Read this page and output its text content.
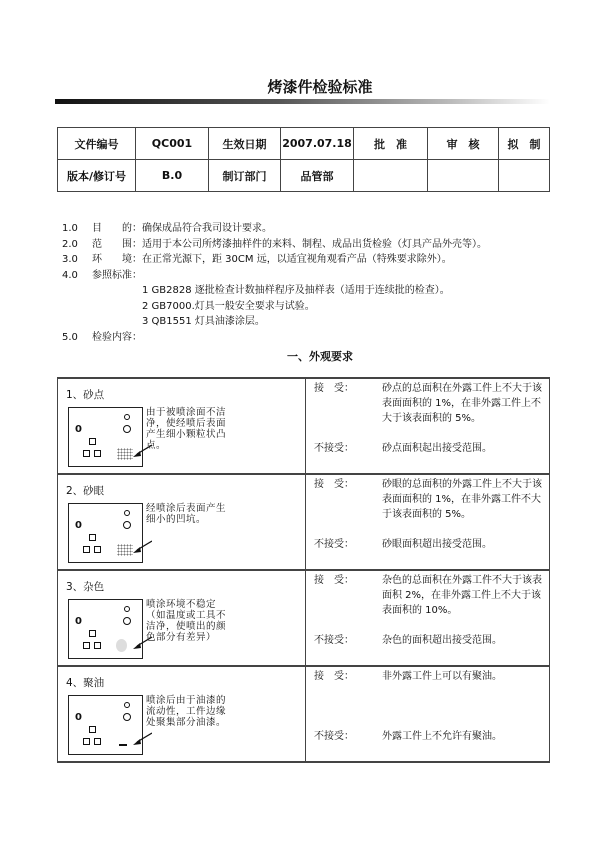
烤漆件检验标准
文件编号	QC001	生效日期	2007.07.18	批　准	审　核	拟　制
版本/修订号	B.0	制订部门	品管部			
1.0	目　　的： 确保成品符合我司设计要求。
2.0	范　　围： 适用于本公司所烤漆抽样件的来料、制程、成品出货检验（灯具产品外壳等）。
3.0	环　　境： 在正常光源下，距 30CM 远，以适宜视角观看产品（特殊要求除外）。
4.0	参照标准：
1 GB2828 逐批检查计数抽样程序及抽样表（适用于连续批的检查）。
2 GB7000.灯具一般安全要求与试验。
3 QB1551 灯具油漆涂层。
5.0	检验内容：
一、外观要求
1、砂点
0
由于被喷涂面不洁净，使经喷后表面产生细小颗粒状凸点。
接　受：	砂点的总面积在外露工件上不大于该表面面积的 1%，在非外露工件上不大于该表面积的 5%。
不接受：	砂点面积起出接受范围。
2、砂眼
0
经喷涂后表面产生细小的凹坑。
接　受：	砂眼的总面积的外露工件上不大于该表面面积的 1%，在非外露工件不大于该表面积的 5%。
不接受：	砂眼面积超出接受范围。
3、杂色
0
喷涂环境不稳定（如温度或工具不洁净，使喷出的颜色部分有差异）
接　受：	杂色的总面积在外露工件不大于该表面积 2%，在非外露工件上不大于该表面积的 10%。
不接受：	杂色的面积超出接受范围。
4、聚油
0
喷涂后由于油漆的流动性，工件边缘处聚集部分油漆。
接　受：	非外露工件上可以有聚油。
不接受：	外露工件上不允许有聚油。
